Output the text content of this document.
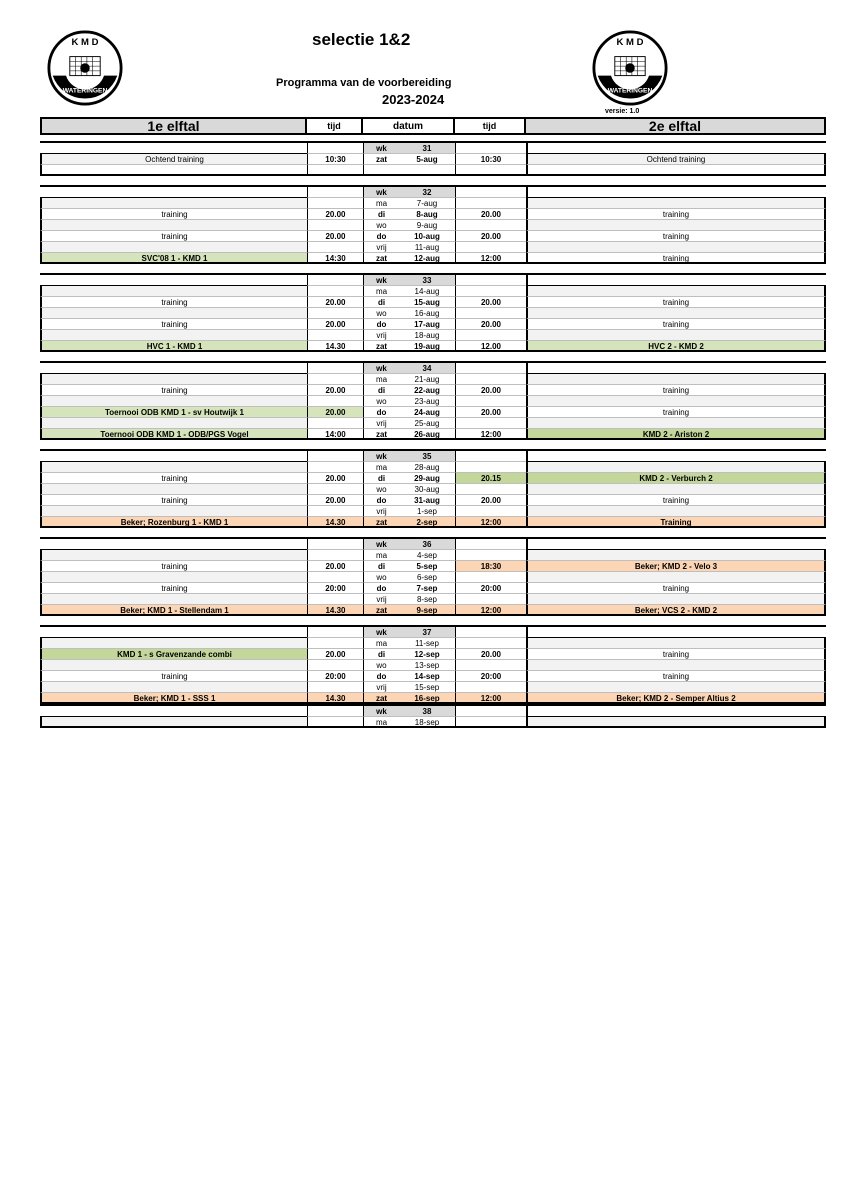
K M D
WATERINGEN
K M D
WATERINGEN
selectie 1&2
Programma van de voorbereiding
2023-2024
versie: 1.0
1e elftal	tijd	datum	tijd	2e elftal
wk	31
Ochtend training	10:30	zat	5-aug	10:30	Ochtend training
wk	32
ma	7-aug
training	20.00	di	8-aug	20.00	training
wo	9-aug
training	20.00	do	10-aug	20.00	training
vrij	11-aug
SVC'08 1 - KMD 1	14:30	zat	12-aug	12:00	training
wk	33
ma	14-aug
training	20.00	di	15-aug	20.00	training
wo	16-aug
training	20.00	do	17-aug	20.00	training
vrij	18-aug
HVC 1 - KMD 1	14.30	zat	19-aug	12.00	HVC 2 - KMD 2
wk	34
ma	21-aug
training	20.00	di	22-aug	20.00	training
wo	23-aug
Toernooi ODB KMD 1 - sv Houtwijk 1	20.00	do	24-aug	20.00	training
vrij	25-aug
Toernooi ODB KMD 1 - ODB/PGS Vogel	14:00	zat	26-aug	12:00	KMD 2 - Ariston 2
wk	35
ma	28-aug
training	20.00	di	29-aug	20.15	KMD 2 - Verburch 2
wo	30-aug
training	20.00	do	31-aug	20.00	training
vrij	1-sep
Beker; Rozenburg 1 - KMD 1	14.30	zat	2-sep	12:00	Training
wk	36
ma	4-sep
training	20.00	di	5-sep	18:30	Beker; KMD 2 - Velo 3
wo	6-sep
training	20:00	do	7-sep	20:00	training
vrij	8-sep
Beker; KMD 1 - Stellendam 1	14.30	zat	9-sep	12:00	Beker; VCS 2 - KMD 2
wk	37
ma	11-sep
KMD 1 - s Gravenzande combi	20.00	di	12-sep	20.00	training
wo	13-sep
training	20:00	do	14-sep	20:00	training
vrij	15-sep
Beker; KMD 1 - SSS 1	14.30	zat	16-sep	12:00	Beker; KMD 2 - Semper Altius 2
wk	38
ma	18-sep
